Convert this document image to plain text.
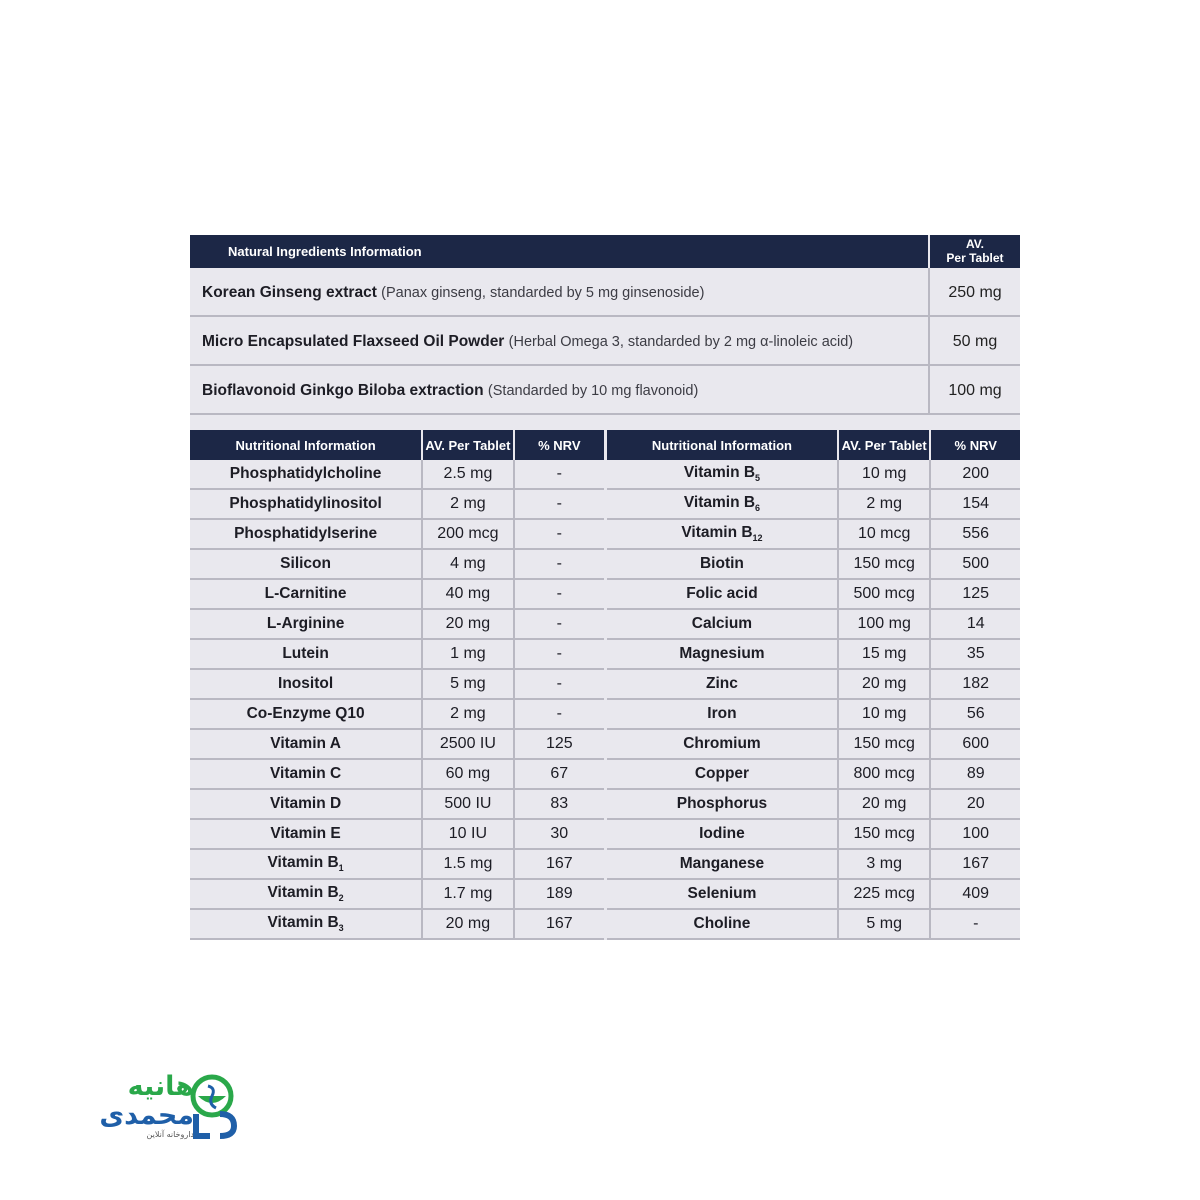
Natural Ingredients Information	AV.
Per Tablet
Korean Ginseng extract (Panax ginseng, standarded by 5 mg ginsenoside)	250 mg
Micro Encapsulated Flaxseed Oil Powder (Herbal Omega 3, standarded by 2 mg α-linoleic acid)	50 mg
Bioflavonoid Ginkgo Biloba extraction (Standarded by 10 mg flavonoid)	100 mg
Nutritional Information	AV. Per Tablet	% NRV
Phosphatidylcholine	2.5 mg	-
Phosphatidylinositol	2 mg	-
Phosphatidylserine	200 mcg	-
Silicon	4 mg	-
L-Carnitine	40 mg	-
L-Arginine	20 mg	-
Lutein	1 mg	-
Inositol	5 mg	-
Co-Enzyme Q10	2 mg	-
Vitamin A	2500 IU	125
Vitamin C	60 mg	67
Vitamin D	500 IU	83
Vitamin E	10 IU	30
Vitamin $B_1$	1.5 mg	167
Vitamin $B_2$	1.7 mg	189
Vitamin $B_3$	20 mg	167
Nutritional Information	AV. Per Tablet	% NRV
Vitamin $B_5$	10 mg	200
Vitamin $B_6$	2 mg	154
Vitamin $B_{12}$	10 mcg	556
Biotin	150 mcg	500
Folic acid	500 mcg	125
Calcium	100 mg	14
Magnesium	15 mg	35
Zinc	20 mg	182
Iron	10 mg	56
Chromium	150 mcg	600
Copper	800 mcg	89
Phosphorus	20 mg	20
Iodine	150 mcg	100
Manganese	3 mg	167
Selenium	225 mcg	409
Choline	5 mg	-
هانیه
محمدی
داروخانه آنلاین
